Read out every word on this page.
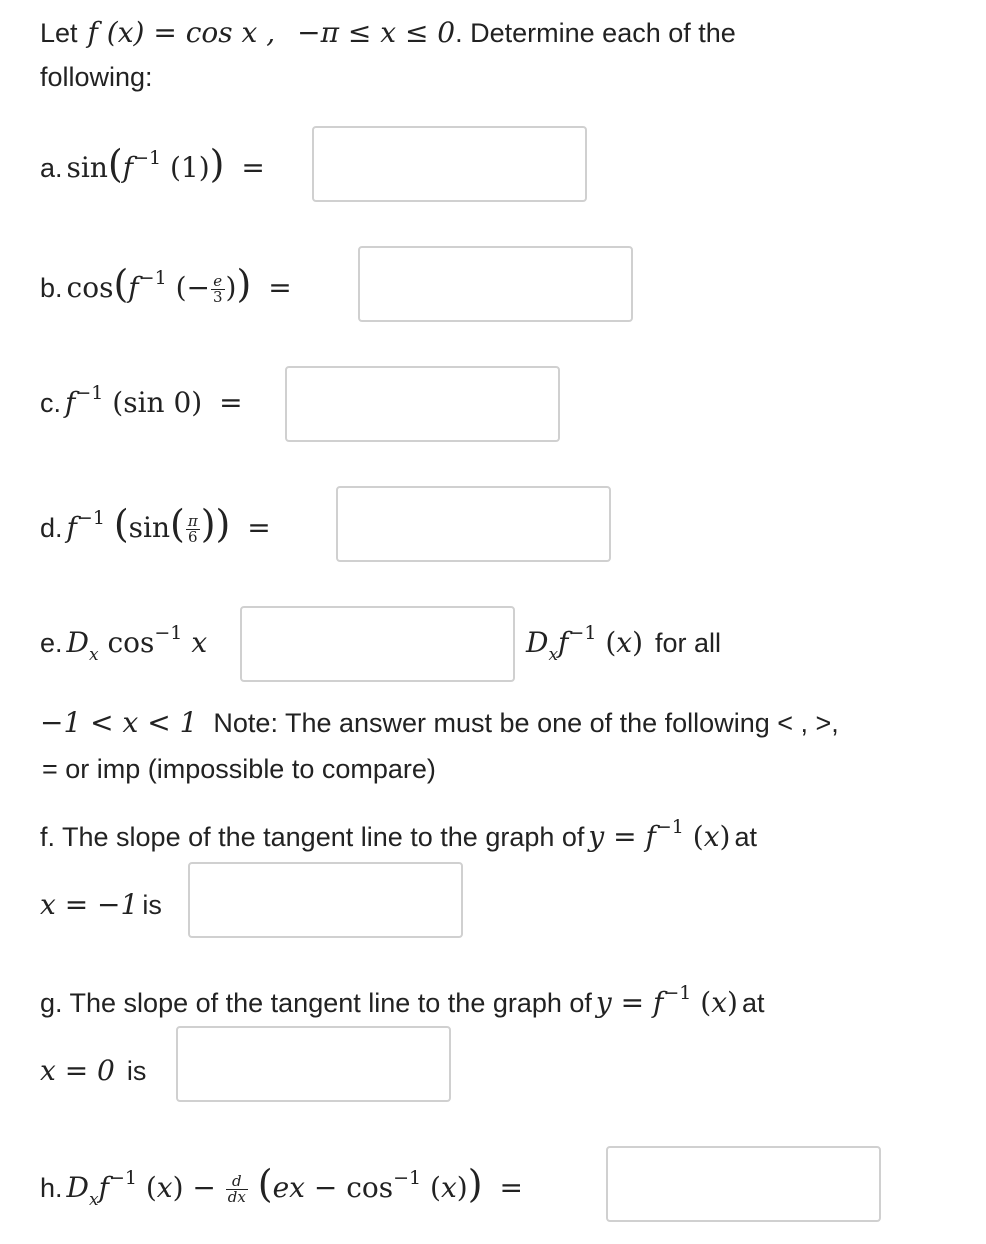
Let f (x) = cos x , −π ≤ x ≤ 0. Determine each of the
following:
a. $\sin(f^{-1}$ (1)) =
b. $\cos(f^{-1}$ (− $\frac{e}{3}$ )) =
c. $f^{-1}$ (sin 0) =
d. $f^{-1}$ ($\sin( \frac{\pi}{6}$ )) =
e. $D_x$ $\cos^{-1} x$	$D_xf^{-1}$ (x) for all
−1 < x < 1 Note: The answer must be one of the following < , >,
= or imp (impossible to compare)
f. The slope of the tangent line to the graph of $y = f^{-1}$ (x) at
x = −1 is
g. The slope of the tangent line to the graph of $y = f^{-1}$ (x) at
x = 0 is
h. $D_xf^{-1}$ $(x) - \frac{d}{dx} (ex - \cos^{-1} (x))$ =
